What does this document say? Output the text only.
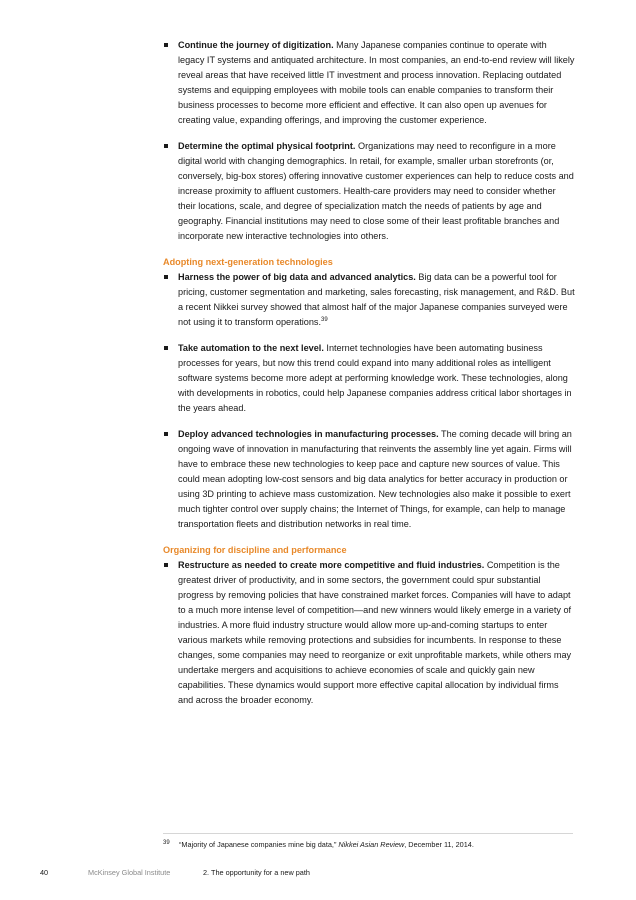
Continue the journey of digitization. Many Japanese companies continue to operate with legacy IT systems and antiquated architecture. In most companies, an end-to-end review will likely reveal areas that have received little IT investment and process innovation. Replacing outdated systems and equipping employees with mobile tools can enable companies to transform their business processes to become more efficient and effective. It can also open up avenues for creating value, expanding offerings, and improving the customer experience.
Determine the optimal physical footprint. Organizations may need to reconfigure in a more digital world with changing demographics. In retail, for example, smaller urban storefronts (or, conversely, big-box stores) offering innovative customer experiences can help to reduce costs and increase proximity to affluent customers. Health-care providers may need to consider whether their locations, scale, and degree of specialization match the needs of patients by age and geography. Financial institutions may need to close some of their least profitable branches and incorporate new interactive technologies into others.
Adopting next-generation technologies
Harness the power of big data and advanced analytics. Big data can be a powerful tool for pricing, customer segmentation and marketing, sales forecasting, risk management, and R&D. But a recent Nikkei survey showed that almost half of the major Japanese companies surveyed were not using it to transform operations.$^{39}$
Take automation to the next level. Internet technologies have been automating business processes for years, but now this trend could expand into many additional roles as intelligent software systems become more adept at performing knowledge work. These technologies, along with developments in robotics, could help Japanese companies address critical labor shortages in the years ahead.
Deploy advanced technologies in manufacturing processes. The coming decade will bring an ongoing wave of innovation in manufacturing that reinvents the assembly line yet again. Firms will have to embrace these new technologies to keep pace and capture new sources of value. This could mean adopting low-cost sensors and big data analytics for better accuracy in production or using 3D printing to achieve mass customization. New technologies also make it possible to exert much tighter control over supply chains; the Internet of Things, for example, can help to manage transportation fleets and distribution networks in real time.
Organizing for discipline and performance
Restructure as needed to create more competitive and fluid industries. Competition is the greatest driver of productivity, and in some sectors, the government could spur substantial progress by removing policies that have constrained market forces. Companies will have to adapt to a much more intense level of competition—and new winners would likely emerge in a variety of industries. A more fluid industry structure would allow more up-and-coming startups to enter various markets while removing protections and subsidies for incumbents. In response to these changes, some companies may need to reorganize or exit unprofitable markets, while others may undertake mergers and acquisitions to achieve economies of scale and quickly gain new capabilities. These dynamics would support more effective capital allocation by individual firms and across the broader economy.
39 “Majority of Japanese companies mine big data,” Nikkei Asian Review, December 11, 2014.
40	McKinsey Global Institute	2. The opportunity for a new path
